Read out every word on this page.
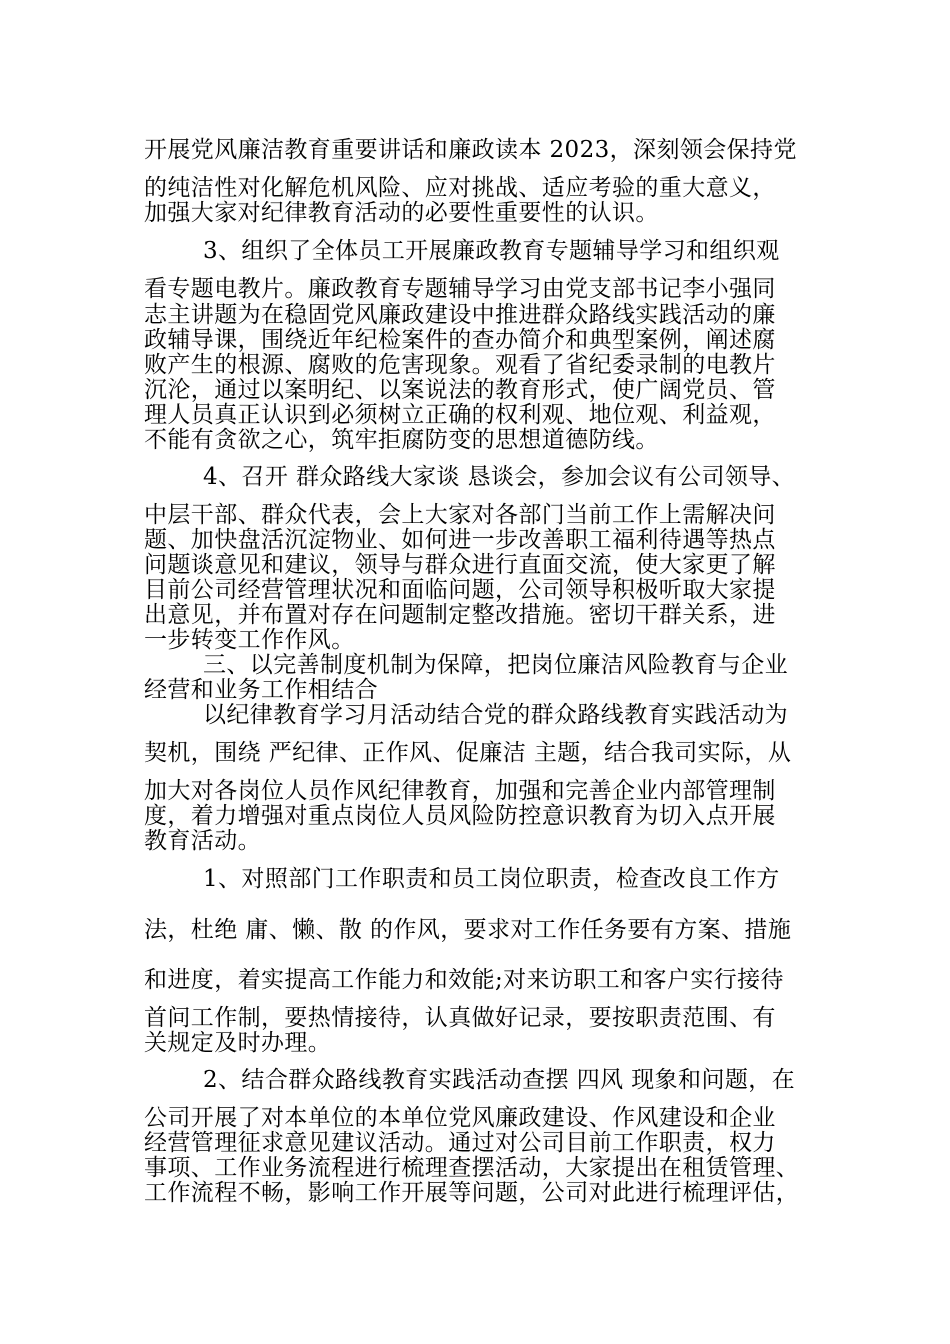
开展党风廉洁教育重要讲话和廉政读本 2023，深刻领会保持党
的纯洁性对化解危机风险、应对挑战、适应考验的重大意义，
加强大家对纪律教育活动的必要性重要性的认识。
3、组织了全体员工开展廉政教育专题辅导学习和组织观
看专题电教片。廉政教育专题辅导学习由党支部书记李小强同
志主讲题为在稳固党风廉政建设中推进群众路线实践活动的廉
政辅导课，围绕近年纪检案件的查办简介和典型案例，阐述腐
败产生的根源、腐败的危害现象。观看了省纪委录制的电教片
沉沦，通过以案明纪、以案说法的教育形式，使广阔党员、管
理人员真正认识到必须树立正确的权利观、地位观、利益观，
不能有贪欲之心，筑牢拒腐防变的思想道德防线。
4、召开 群众路线大家谈 恳谈会，参加会议有公司领导、
中层干部、群众代表，会上大家对各部门当前工作上需解决问
题、加快盘活沉淀物业、如何进一步改善职工福利待遇等热点
问题谈意见和建议，领导与群众进行直面交流，使大家更了解
目前公司经营管理状况和面临问题，公司领导积极听取大家提
出意见，并布置对存在问题制定整改措施。密切干群关系，进
一步转变工作作风。
三、以完善制度机制为保障，把岗位廉洁风险教育与企业
经营和业务工作相结合
以纪律教育学习月活动结合党的群众路线教育实践活动为
契机，围绕 严纪律、正作风、促廉洁 主题，结合我司实际，从
加大对各岗位人员作风纪律教育，加强和完善企业内部管理制
度，着力增强对重点岗位人员风险防控意识教育为切入点开展
教育活动。
1、对照部门工作职责和员工岗位职责，检查改良工作方
法，杜绝 庸、懒、散 的作风，要求对工作任务要有方案、措施
和进度，着实提高工作能力和效能;对来访职工和客户实行接待
首问工作制，要热情接待，认真做好记录，要按职责范围、有
关规定及时办理。
2、结合群众路线教育实践活动查摆 四风 现象和问题，在
公司开展了对本单位的本单位党风廉政建设、作风建设和企业
经营管理征求意见建议活动。通过对公司目前工作职责，权力
事项、工作业务流程进行梳理查摆活动，大家提出在租赁管理、
工作流程不畅，影响工作开展等问题，公司对此进行梳理评估，
